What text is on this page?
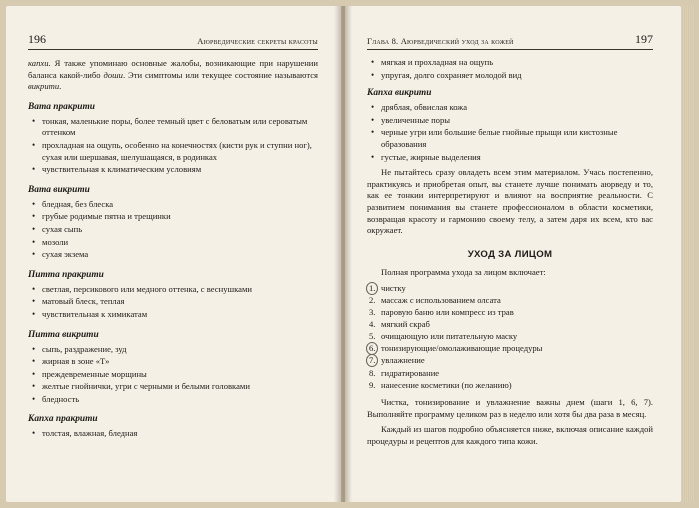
196	Аюрведические секреты красоты

капхи. Я также упоминаю основные жалобы, возникающие при нарушении баланса какой-либо доши. Эти симптомы или текущее состояние называются викрити.

Вата пракрити
• тонкая, маленькие поры, более темный цвет с беловатым или сероватым оттенком
• прохладная на ощупь, особенно на конечностях (кисти рук и ступни ног), сухая или шершавая, шелушащаяся, в родинках
• чувствительная к климатическим условиям
Вата викрити
• бледная, без блеска
• грубые родимые пятна и трещинки
• сухая сыпь
• мозоли
• сухая экзема
Питта пракрити
• светлая, персикового или медного оттенка, с веснушками
• матовый блеск, теплая
• чувствительная к химикатам
Питта викрити
• сыпь, раздражение, зуд
• жирная в зоне «Т»
• преждевременные морщины
• желтые гнойнички, угри с черными и белыми головками
• бледность
Капха пракрити
• толстая, влажная, бледная
Глава 8. Аюрведический уход за кожей	197
• мягкая и прохладная на ощупь
• упругая, долго сохраняет молодой вид
Капха викрити
• дряблая, обвислая кожа
• увеличенные поры
• черные угри или большие белые гнойные прыщи или кистозные образования
• густые, жирные выделения

Не пытайтесь сразу овладеть всем этим материалом. Учась постепенно, практикуясь и приобретая опыт, вы станете лучше понимать аюрведу и то, как ее тонкии интерпретируют и влияют на восприятие реальности. С развитием понимания вы станете профессионалом в области косметики, возвращая красоту и гармонию своему телу, а затем даря их всем, кто вас окружает.

УХОД ЗА ЛИЦОМ

Полная программа ухода за лицом включает:

1. чистку
2. массаж с использованием олсата
3. паровую баню или компресс из трав
4. мягкий скраб
5. очищающую или питательную маску
6. тонизирующие/омолаживающие процедуры
7. увлажнение
8. гидратирование
9. нанесение косметики (по желанию)

Чистка, тонизирование и увлажнение важны днем (шаги 1, 6, 7). Выполняйте программу целиком раз в неделю или хотя бы два раза в месяц.

Каждый из шагов подробно объясняется ниже, включая описание каждой процедуры и рецептов для каждого типа кожи.
